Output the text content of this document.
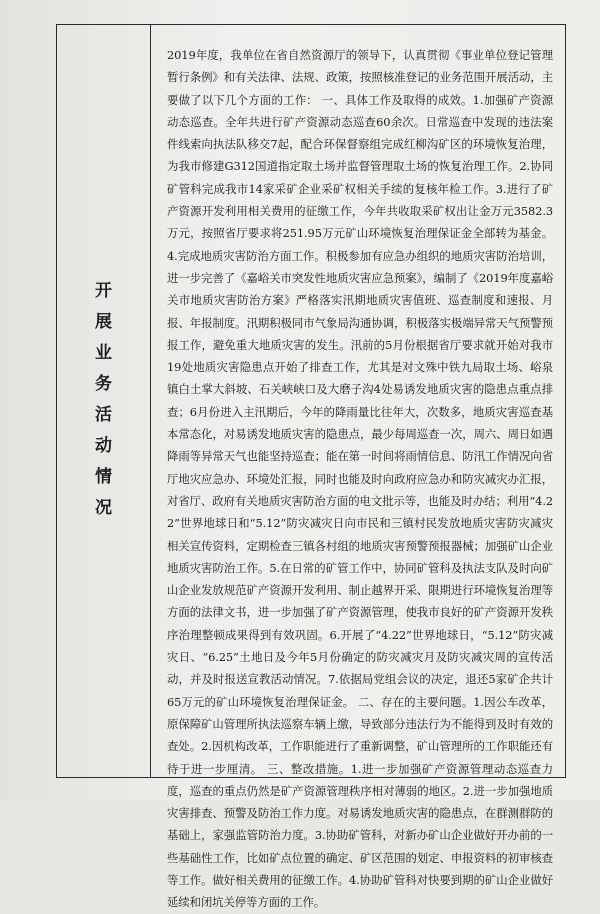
开展业务活动情况

2019年度，我单位在省自然资源厅的领导下，认真贯彻《事业单位登记管理暂行条例》和有关法律、法规、政策，按照核准登记的业务范围开展活动，主要做了以下几个方面的工作： 一、具体工作及取得的成效。1.加强矿产资源动态巡查。全年共进行矿产资源动态巡查60余次。日常巡查中发现的违法案件线索向执法队移交7起，配合环保督察组完成红柳沟矿区的环境恢复治理，为我市修建G312国道指定取土场并监督管理取土场的恢复治理工作。2.协同矿管科完成我市14家采矿企业采矿权相关手续的复核年检工作。3.进行了矿产资源开发利用相关费用的征缴工作，今年共收取采矿权出让金万元3582.3万元，按照省厅要求将251.95万元矿山环境恢复治理保证金全部转为基金。4.完成地质灾害防治方面工作。积极参加有应急办组织的地质灾害防治培训，进一步完善了《嘉峪关市突发性地质灾害应急预案》，编制了《2019年度嘉峪关市地质灾害防治方案》严格落实汛期地质灾害值班、巡查制度和速报、月报、年报制度。汛期积极同市气象局沟通协调，积极落实极端异常天气预警预报工作，避免重大地质灾害的发生。汛前的5月份根据省厅要求就开始对我市19处地质灾害隐患点开始了排查工作，尤其是对文殊中铁九局取土场、峪泉镇白土掌大斜坡、石关峡峡口及大磨子沟4处易诱发地质灾害的隐患点重点排查；6月份进入主汛期后，今年的降雨量比往年大，次数多，地质灾害巡查基本常态化，对易诱发地质灾害的隐患点，最少每周巡查一次，周六、周日如遇降雨等异常天气也能坚持巡查；能在第一时间将雨情信息、防汛工作情况向省厅地灾应急办、环境处汇报，同时也能及时向政府应急办和防灾减灾办汇报，对省厅、政府有关地质灾害防治方面的电文批示等，也能及时办结；利用“4.22”世界地球日和“5.12”防灾减灾日向市民和三镇村民发放地质灾害防灾减灾相关宣传资料，定期检查三镇各村组的地质灾害预警预报器械；加强矿山企业地质灾害防治工作。5.在日常的矿管工作中，协同矿管科及执法支队及时向矿山企业发放规范矿产资源开发利用、制止越界开采、限期进行环境恢复治理等方面的法律文书，进一步加强了矿产资源管理，使我市良好的矿产资源开发秩序治理整顿成果得到有效巩固。6.开展了“4.22”世界地球日，“5.12”防灾减灾日、“6.25”土地日及今年5月份确定的防灾减灾月及防灾减灾周的宣传活动，并及时报送宣教活动情况。7.依据局党组会议的决定，退还5家矿企共计65万元的矿山环境恢复治理保证金。 二、存在的主要问题。1.因公车改革，原保障矿山管理所执法巡察车辆上缴，导致部分违法行为不能得到及时有效的查处。2.因机构改革，工作职能进行了重新调整，矿山管理所的工作职能还有待于进一步厘清。 三、整改措施。1.进一步加强矿产资源管理动态巡查力度，巡查的重点仍然是矿产资源管理秩序相对薄弱的地区。2.进一步加强地质灾害排查、预警及防治工作力度。对易诱发地质灾害的隐患点，在群测群防的基础上，家强监管防治力度。3.协助矿管科，对新办矿山企业做好开办前的一些基础性工作，比如矿点位置的确定、矿区范围的划定、申报资料的初审核查等工作。做好相关费用的征缴工作。4.协助矿管科对快要到期的矿山企业做好延续和闭坑关停等方面的工作。
